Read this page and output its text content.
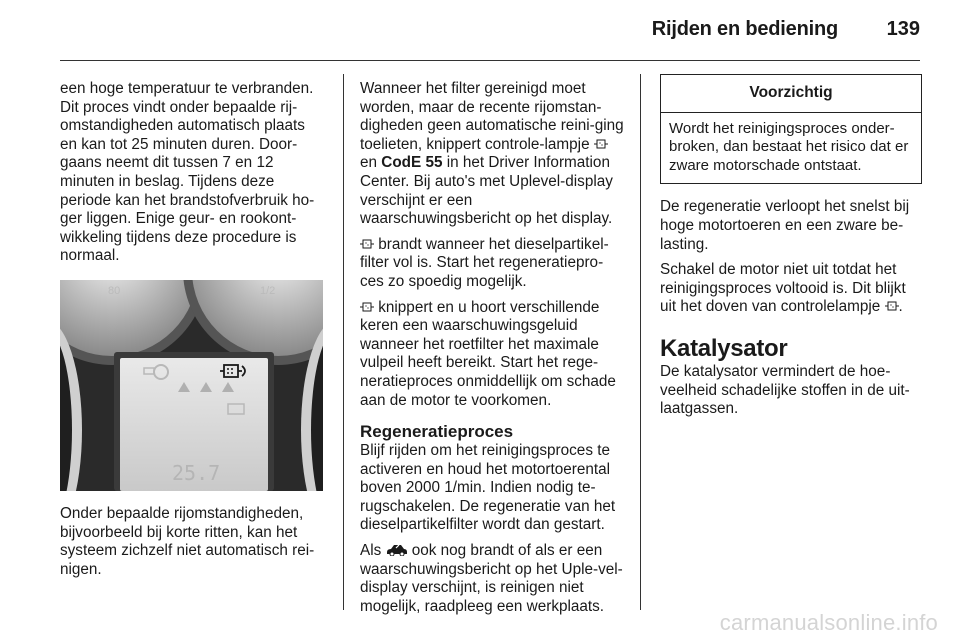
Rijden en bediening 139

een hoge temperatuur te verbranden. Dit proces vindt onder bepaalde rij-omstandigheden automatisch plaats en kan tot 25 minuten duren. Door-gaans neemt dit tussen 7 en 12 minuten in beslag. Tijdens deze periode kan het brandstofverbruik ho-ger liggen. Enige geur- en rookont-wikkeling tijdens deze procedure is normaal.

80	1/2
25.7

Onder bepaalde rijomstandigheden, bijvoorbeeld bij korte ritten, kan het systeem zichzelf niet automatisch rei-nigen.

Wanneer het filter gereinigd moet worden, maar de recente rijomstan-digheden geen automatische reini-ging toelieten, knippert controle-lampje  en CodE 55 in het Driver Information Center. Bij auto's met Uplevel-display verschijnt er een waarschuwingsbericht op het display.

brandt wanneer het dieselpartikel-filter vol is. Start het regeneratiepro-ces zo spoedig mogelijk.

knippert en u hoort verschillende keren een waarschuwingsgeluid wanneer het roetfilter het maximale vulpeil heeft bereikt. Start het rege-neratieproces onmiddellijk om schade aan de motor te voorkomen.

Regeneratieproces

Blijf rijden om het reinigingsproces te activeren en houd het motortoerental boven 2000 1/min. Indien nodig te-rugschakelen. De regeneratie van het dieselpartikelfilter wordt dan gestart.

Als  ook nog brandt of als er een waarschuwingsbericht op het Uple-vel-display verschijnt, is reinigen niet mogelijk, raadpleeg een werkplaats.

Voorzichtig
Wordt het reinigingsproces onder-broken, dan bestaat het risico dat er zware motorschade ontstaat.

De regeneratie verloopt het snelst bij hoge motortoeren en een zware be-lasting.

Schakel de motor niet uit totdat het reinigingsproces voltooid is. Dit blijkt uit het doven van controlelampje .

Katalysator

De katalysator vermindert de hoe-veelheid schadelijke stoffen in de uit-laatgassen.

carmanualsonline.info
